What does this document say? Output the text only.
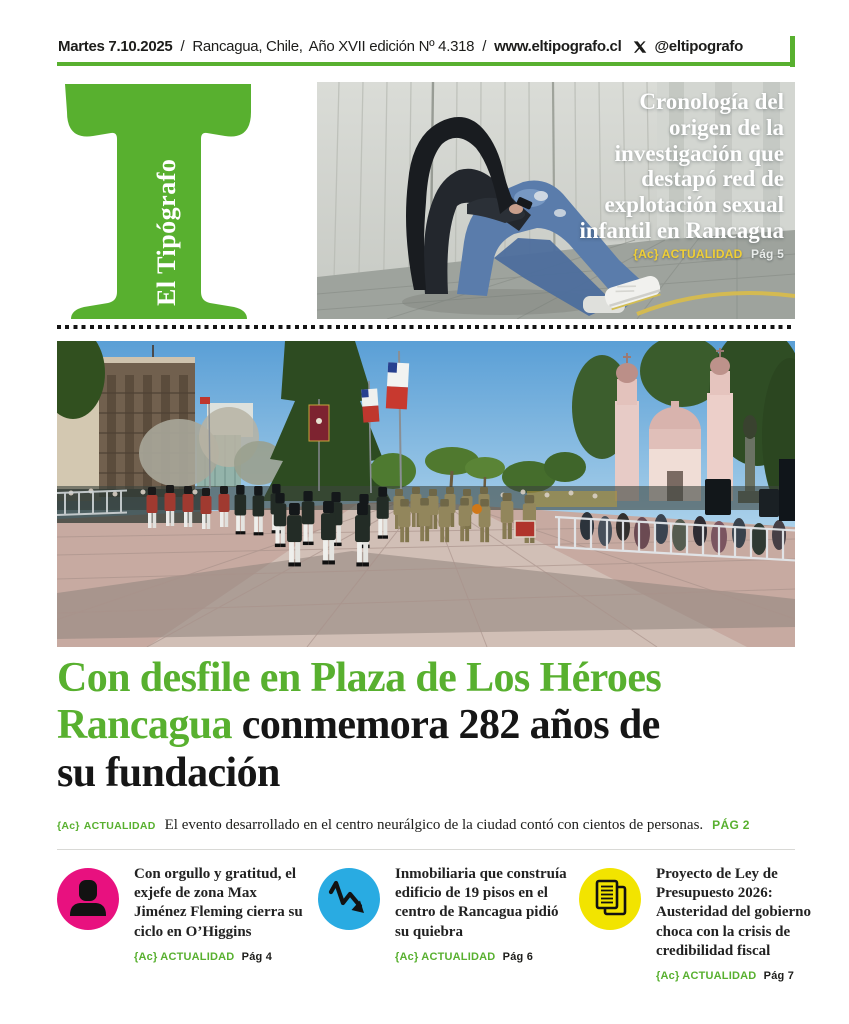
Martes 7.10.2025 / Rancagua, Chile, Año XVII edición Nº 4.318 / www.eltipografo.cl @eltipografo
El Tipógrafo
Cronología del
origen de la
investigación que
destapó red de
explotación sexual
infantil en Rancagua
{Ac} ACTUALIDAD Pág 5
Con desfile en Plaza de Los Héroes
Rancagua conmemora 282 años de
su fundación
{Ac} ACTUALIDAD El evento desarrollado en el centro neurálgico de la ciudad contó con cientos de personas. PÁG 2
Con orgullo y gratitud, el exjefe de zona Max Jiménez Fleming cierra su ciclo en O’Higgins
{Ac} ACTUALIDAD Pág 4
Inmobiliaria que construía edificio de 19 pisos en el centro de Rancagua pidió su quiebra
{Ac} ACTUALIDAD Pág 6
Proyecto de Ley de Presupuesto 2026: Austeridad del gobierno choca con la crisis de credibilidad fiscal
{Ac} ACTUALIDAD Pág 7
